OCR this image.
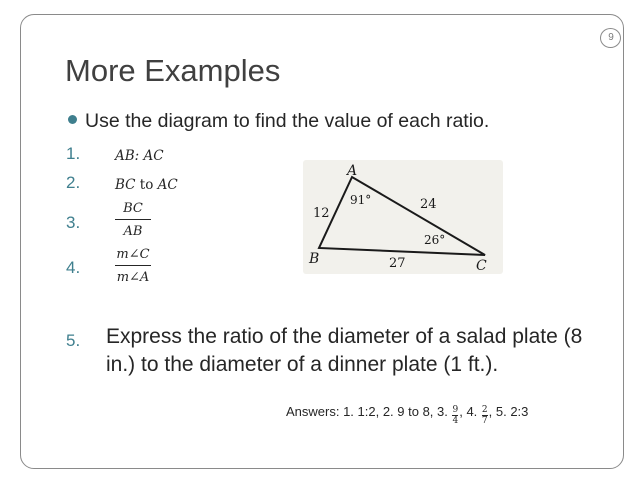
9
More Examples
Use the diagram to find the value of each ratio.
1.	AB: AC
2.	BC to AC
3.
BC
AB
4.
m∠C
m∠A
A
B	C
12
24
27
91°
26°
5. Express the ratio of the diameter of a salad plate (8 in.) to the diameter of a dinner plate (1 ft.).
Answers: 1. 1:2, 2. 9 to 8, 3. $\frac{9}{4}$ , 4. $\frac{2}{7}$ , 5. 2:3
